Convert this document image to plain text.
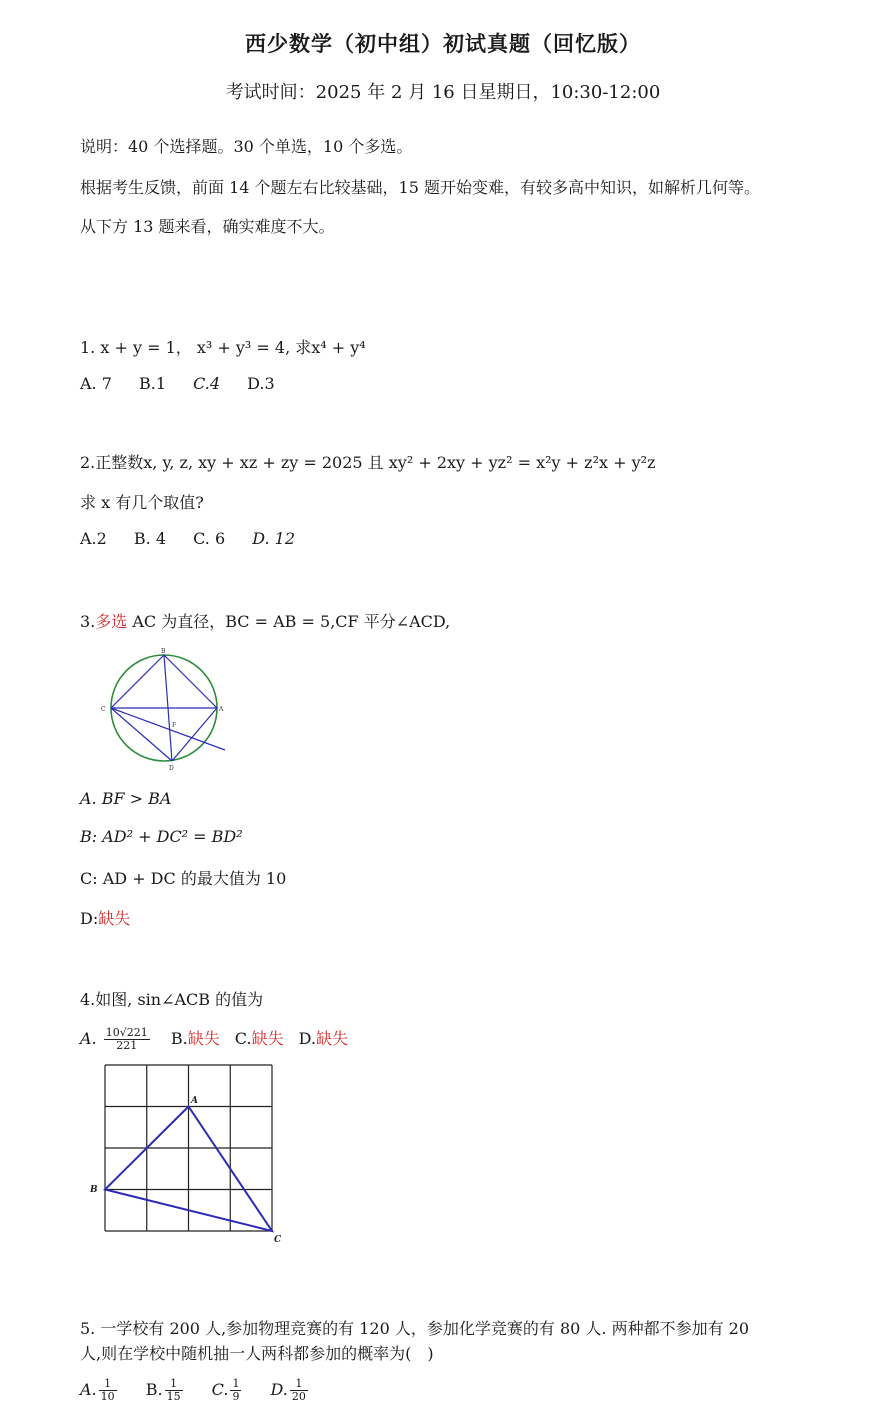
西少数学（初中组）初试真题（回忆版）
考试时间：2025 年 2 月 16 日星期日，10:30-12:00
说明：40 个选择题。30 个单选，10 个多选。
根据考生反馈，前面 14 个题左右比较基础，15 题开始变难，有较多高中知识，如解析几何等。
从下方 13 题来看，确实难度不大。
1. x + y = 1， x³ + y³ = 4, 求x⁴ + y⁴
A. 7 B.1 C.4 D.3
2.正整数x, y, z, xy + xz + zy = 2025 且 xy² + 2xy + yz² = x²y + z²x + y²z
求 x 有几个取值?
A.2 B. 4 C. 6 D. 12
3.多选 AC 为直径，BC = AB = 5,CF 平分∠ACD,
B
C	A
F
D
A. BF > BA
B: AD² + DC² = BD²
C: AD + DC 的最大值为 10
D:缺失
4.如图, sin∠ACB 的值为
A. $\frac{10√221}{221} B$.缺失 C.缺失 D.缺失
A
B
C
5. 一学校有 200 人,参加物理竞赛的有 120 人，参加化学竞赛的有 80 人. 两种都不参加有 20
人,则在学校中随机抽一人两科都参加的概率为(　)
A. $\frac{1}{10} B$. $\frac{1}{15} C$. $\frac{1}{9} D$. $\frac{1}{20}$
